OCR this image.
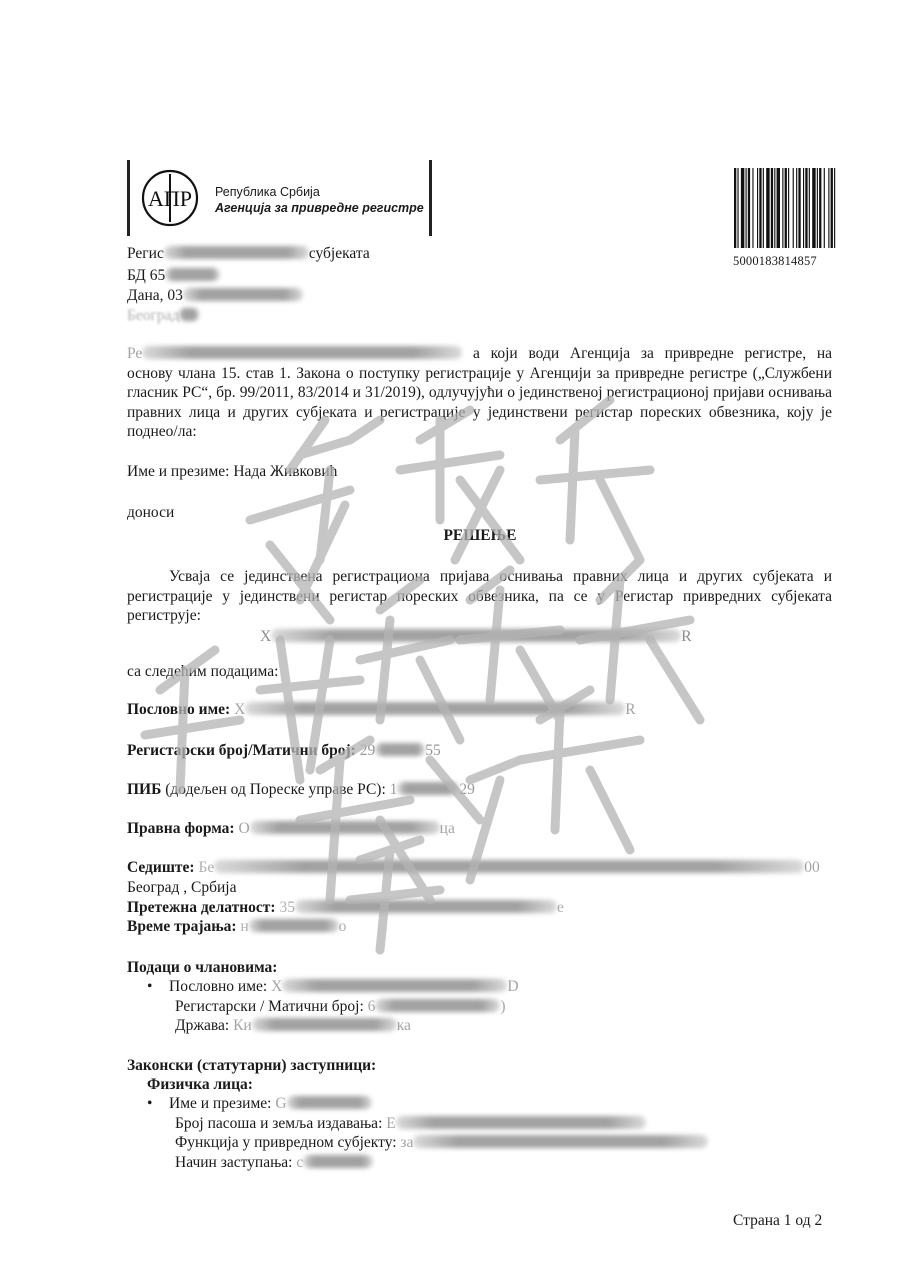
АПР Република Србија
Агенција за привредне регистре
5000183814857
Регис	субјеката
БД 65
Дана, 03
Београд
Ре	а који води Агенција за привредне регистре, на
основу члана 15. став 1. Закона о поступку регистрације у Агенцији за привредне регистре („Службени гласник РС“, бр. 99/2011, 83/2014 и 31/2019), одлучујући о јединственој регистрационој пријави оснивања правних лица и других субјеката и регистрације у јединствени регистар пореских обвезника, коју је поднео/ла:
Име и презиме: Нада Живковић
доноси
РЕШЕЊЕ
Усваја се јединствена регистрациона пријава оснивања правних лица и других субјеката и регистрације у јединствени регистар пореских обвезника, па се у Регистар привредних субјеката региструје:
X	R
са следећим подацима:
Пословно име: X	R
Регистарски број/Матични број: 29	55
ПИБ (додељен од Пореске управе РС): 1	29
Правна форма: О	ца
Седиште: Бе	00
Београд , Србија
Претежна делатност: 35	е
Време трајања: н	о
Подаци о члановима:
• Пословно име: X	D
Регистарски / Матични број: 6	)
Држава: Ки	ка
Законски (статутарни) заступници:
Физичка лица:
• Име и презиме: G
Број пасоша и земља издавања: E
Функција у привредном субјекту: за
Начин заступања: с
Страна 1 од 2
